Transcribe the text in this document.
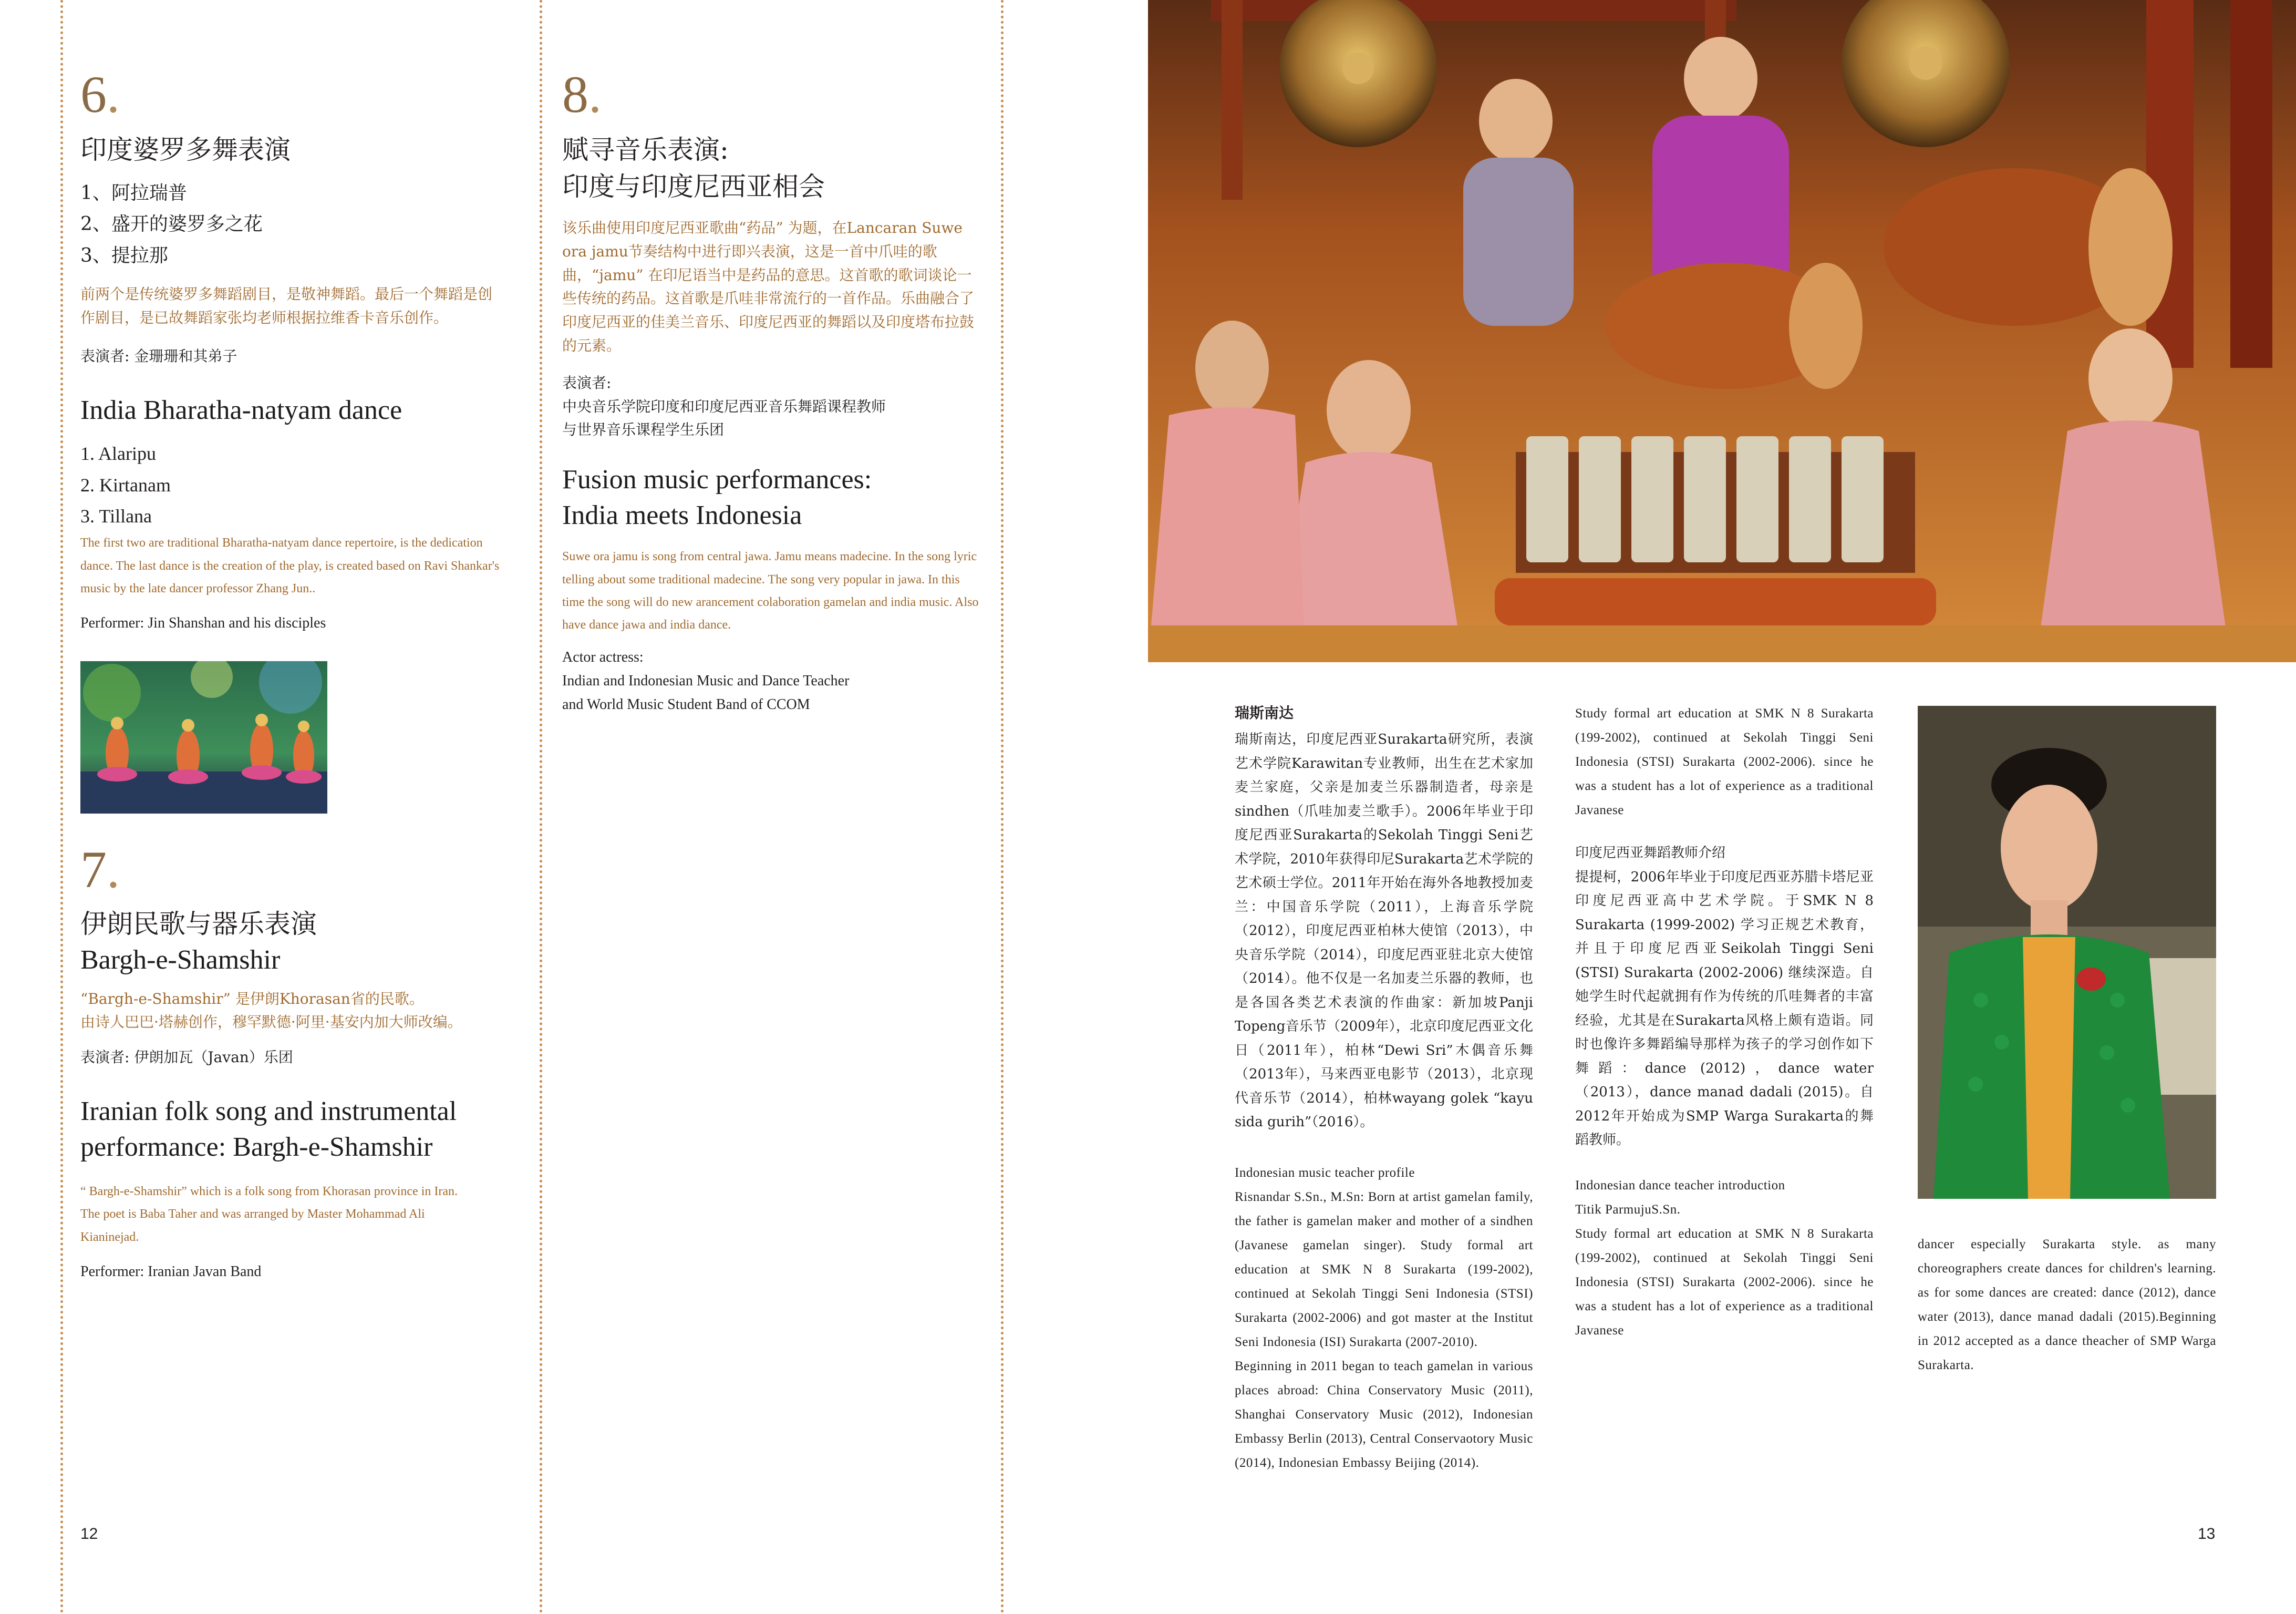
6.

印度婆罗多舞表演

1、阿拉瑞普
2、盛开的婆罗多之花
3、提拉那

前两个是传统婆罗多舞蹈剧目，是敬神舞蹈。最后一个舞蹈是创作剧目，是已故舞蹈家张均老师根据拉维香卡音乐创作。

表演者: 金珊珊和其弟子

India Bharatha-natyam dance

1. Alaripu
2. Kirtanam
3. Tillana

The first two are traditional Bharatha-natyam dance repertoire, is the dedication dance. The last dance is the creation of the play, is created based on Ravi Shankar's music by the late dancer professor Zhang Jun..

Performer: Jin Shanshan and his disciples

7.

伊朗民歌与器乐表演

Bargh-e-Shamshir

“Bargh-e-Shamshir” 是伊朗Khorasan省的民歌。

由诗人巴巴·塔赫创作，穆罕默德·阿里·基安内加大师改编。

表演者: 伊朗加瓦（Javan）乐团

Iranian folk song and instrumental performance: Bargh-e-Shamshir

“ Bargh-e-Shamshir” which is a folk song from Khorasan province in Iran. The poet is Baba Taher and was arranged by Master Mohammad Ali Kianinejad.

Performer: Iranian Javan Band

8.

赋寻音乐表演:

印度与印度尼西亚相会

该乐曲使用印度尼西亚歌曲“药品” 为题，在Lancaran Suwe ora jamu节奏结构中进行即兴表演，这是一首中爪哇的歌曲，“jamu” 在印尼语当中是药品的意思。这首歌的歌词谈论一些传统的药品。这首歌是爪哇非常流行的一首作品。乐曲融合了印度尼西亚的佳美兰音乐、印度尼西亚的舞蹈以及印度塔布拉鼓的元素。

表演者:

中央音乐学院印度和印度尼西亚音乐舞蹈课程教师

与世界音乐课程学生乐团

Fusion music performances:

India meets Indonesia

Suwe ora jamu is song from central jawa. Jamu means madecine. In the song lyric telling about some traditional madecine. The song very popular in jawa. In this time the song will do new arancement colaboration gamelan and india music. Also have dance jawa and india dance.

Actor actress:

Indian and Indonesian Music and Dance Teacher

and World Music Student Band of CCOM

12

瑞斯南达

瑞斯南达，印度尼西亚Surakarta研究所，表演艺术学院Karawitan专业教师，出生在艺术家加麦兰家庭，父亲是加麦兰乐器制造者，母亲是sindhen（爪哇加麦兰歌手）。2006年毕业于印度尼西亚Surakarta的Sekolah Tinggi Seni艺术学院，2010年获得印尼Surakarta艺术学院的艺术硕士学位。2011年开始在海外各地教授加麦兰：中国音乐学院（2011），上海音乐学院（2012），印度尼西亚柏林大使馆（2013），中央音乐学院（2014），印度尼西亚驻北京大使馆（2014）。他不仅是一名加麦兰乐器的教师，也是各国各类艺术表演的作曲家：新加坡Panji Topeng音乐节（2009年），北京印度尼西亚文化日（2011年），柏林“Dewi Sri”木偶音乐舞（2013年），马来西亚电影节（2013），北京现代音乐节（2014），柏林wayang golek “kayu sida gurih”（2016）。

Indonesian music teacher profile

Risnandar S.Sn., M.Sn: Born at artist gamelan family, the father is gamelan maker and mother of a sindhen (Javanese gamelan singer). Study formal art education at SMK N 8 Surakarta (199-2002), continued at Sekolah Tinggi Seni Indonesia (STSI) Surakarta (2002-2006) and got master at the Institut Seni Indonesia (ISI) Surakarta (2007-2010).

Beginning in 2011 began to teach gamelan in various places abroad: China Conservatory Music (2011), Shanghai Conservatory Music (2012), Indonesian Embassy Berlin (2013), Central Conservaotory Music (2014), Indonesian Embassy Beijing (2014).

Study formal art education at SMK N 8 Surakarta (199-2002), continued at Sekolah Tinggi Seni Indonesia (STSI) Surakarta (2002-2006). since he was a student has a lot of experience as a traditional Javanese

印度尼西亚舞蹈教师介绍

提提柯，2006年毕业于印度尼西亚苏腊卡塔尼亚印度尼西亚高中艺术学院。于SMK N 8 Surakarta (1999-2002) 学习正规艺术教育，并且于印度尼西亚Seikolah Tinggi Seni (STSI) Surakarta (2002-2006) 继续深造。自她学生时代起就拥有作为传统的爪哇舞者的丰富经验，尤其是在Surakarta风格上颇有造诣。同时也像许多舞蹈编导那样为孩子的学习创作如下舞蹈：dance (2012)，dance water（2013），dance manad dadali (2015)。自2012年开始成为SMP Warga Surakarta的舞蹈教师。

Indonesian dance teacher introduction

Titik ParmujuS.Sn.

Study formal art education at SMK N 8 Surakarta (199-2002), continued at Sekolah Tinggi Seni Indonesia (STSI) Surakarta (2002-2006). since he was a student has a lot of experience as a traditional Javanese

dancer especially Surakarta style. as many choreographers create dances for children's learning. as for some dances are created: dance (2012), dance water (2013), dance manad dadali (2015).Beginning in 2012 accepted as a dance theacher of SMP Warga Surakarta.

13
